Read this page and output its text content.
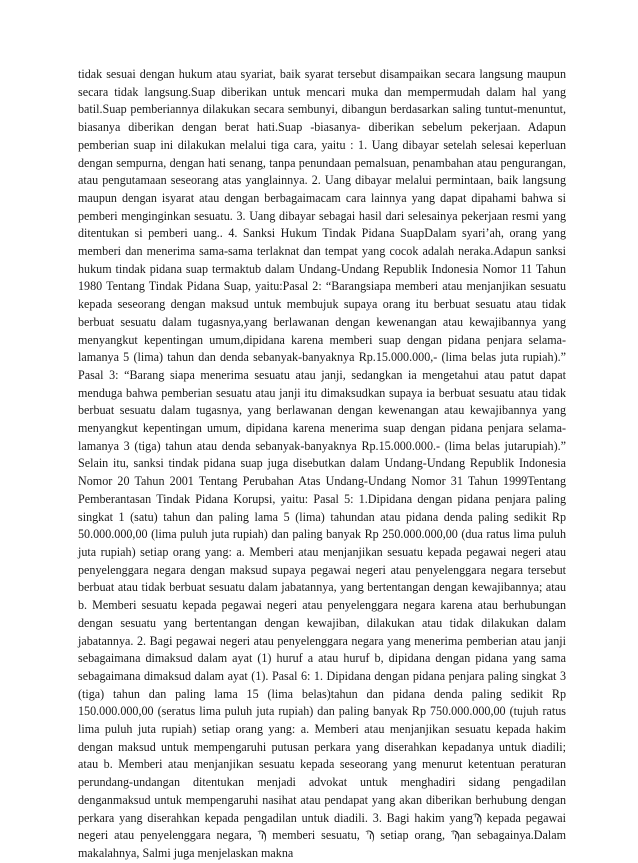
tidak sesuai dengan hukum atau syariat, baik syarat tersebut disampaikan secara langsung maupun secara tidak langsung.Suap diberikan untuk mencari muka dan mempermudah dalam hal yang batil.Suap pemberiannya dilakukan secara sembunyi, dibangun berdasarkan saling tuntut-menuntut, biasanya diberikan dengan berat hati.Suap -biasanya- diberikan sebelum pekerjaan. Adapun pemberian suap ini dilakukan melalui tiga cara, yaitu : 1. Uang dibayar setelah selesai keperluan dengan sempurna, dengan hati senang, tanpa penundaan pemalsuan, penambahan atau pengurangan, atau pengutamaan seseorang atas yanglainnya. 2. Uang dibayar melalui permintaan, baik langsung maupun dengan isyarat atau dengan berbagaimacam cara lainnya yang dapat dipahami bahwa si pemberi menginginkan sesuatu. 3. Uang dibayar sebagai hasil dari selesainya pekerjaan resmi yang ditentukan si pemberi uang.. 4. Sanksi Hukum Tindak Pidana SuapDalam syari’ah, orang yang memberi dan menerima sama-sama terlaknat dan tempat yang cocok adalah neraka.Adapun sanksi hukum tindak pidana suap termaktub dalam Undang-Undang Republik Indonesia Nomor 11 Tahun 1980 Tentang Tindak Pidana Suap, yaitu:Pasal 2: “Barangsiapa memberi atau menjanjikan sesuatu kepada seseorang dengan maksud untuk membujuk supaya orang itu berbuat sesuatu atau tidak berbuat sesuatu dalam tugasnya,yang berlawanan dengan kewenangan atau kewajibannya yang menyangkut kepentingan umum,dipidana karena memberi suap dengan pidana penjara selama-lamanya 5 (lima) tahun dan denda sebanyak-banyaknya Rp.15.000.000,- (lima belas juta rupiah).” Pasal 3: “Barang siapa menerima sesuatu atau janji, sedangkan ia mengetahui atau patut dapat menduga bahwa pemberian sesuatu atau janji itu dimaksudkan supaya ia berbuat sesuatu atau tidak berbuat sesuatu dalam tugasnya, yang berlawanan dengan kewenangan atau kewajibannya yang menyangkut kepentingan umum, dipidana karena menerima suap dengan pidana penjara selama-lamanya 3 (tiga) tahun atau denda sebanyak-banyaknya Rp.15.000.000.- (lima belas jutarupiah).” Selain itu, sanksi tindak pidana suap juga disebutkan dalam Undang-Undang Republik Indonesia Nomor 20 Tahun 2001 Tentang Perubahan Atas Undang-Undang Nomor 31 Tahun 1999Tentang Pemberantasan Tindak Pidana Korupsi, yaitu: Pasal 5: 1.Dipidana dengan pidana penjara paling singkat 1 (satu) tahun dan paling lama 5 (lima) tahundan atau pidana denda paling sedikit Rp 50.000.000,00 (lima puluh juta rupiah) dan paling banyak Rp 250.000.000,00 (dua ratus lima puluh juta rupiah) setiap orang yang: a. Memberi atau menjanjikan sesuatu kepada pegawai negeri atau penyelenggara negara dengan maksud supaya pegawai negeri atau penyelenggara negara tersebut berbuat atau tidak berbuat sesuatu dalam jabatannya, yang bertentangan dengan kewajibannya; atau b. Memberi sesuatu kepada pegawai negeri atau penyelenggara negara karena atau berhubungan dengan sesuatu yang bertentangan dengan kewajiban, dilakukan atau tidak dilakukan dalam jabatannya. 2. Bagi pegawai negeri atau penyelenggara negara yang menerima pemberian atau janji sebagaimana dimaksud dalam ayat (1) huruf a atau huruf b, dipidana dengan pidana yang sama sebagaimana dimaksud dalam ayat (1). Pasal 6: 1. Dipidana dengan pidana penjara paling singkat 3 (tiga) tahun dan paling lama 15 (lima belas)tahun dan pidana denda paling sedikit Rp 150.000.000,00 (seratus lima puluh juta rupiah) dan paling banyak Rp 750.000.000,00 (tujuh ratus lima puluh juta rupiah) setiap orang yang: a. Memberi atau menjanjikan sesuatu kepada hakim dengan maksud untuk mempengaruhi putusan perkara yang diserahkan kepadanya untuk diadili; atau b. Memberi atau menjanjikan sesuatu kepada seseorang yang menurut ketentuan peraturan perundang-undangan ditentukan menjadi advokat untuk menghadiri sidang pengadilan denganmaksud untuk mempengaruhi nasihat atau pendapat yang akan diberikan berhubung dengan perkara yang diserahkan kepada pengadilan untuk diadili. 3. Bagi hakim yangϠ kepada pegawai negeri atau penyelenggara negara, Ϡ memberi sesuatu, Ϡ setiap orang, Ϡan sebagainya.Dalam makalahnya, Salmi juga menjelaskan makna
